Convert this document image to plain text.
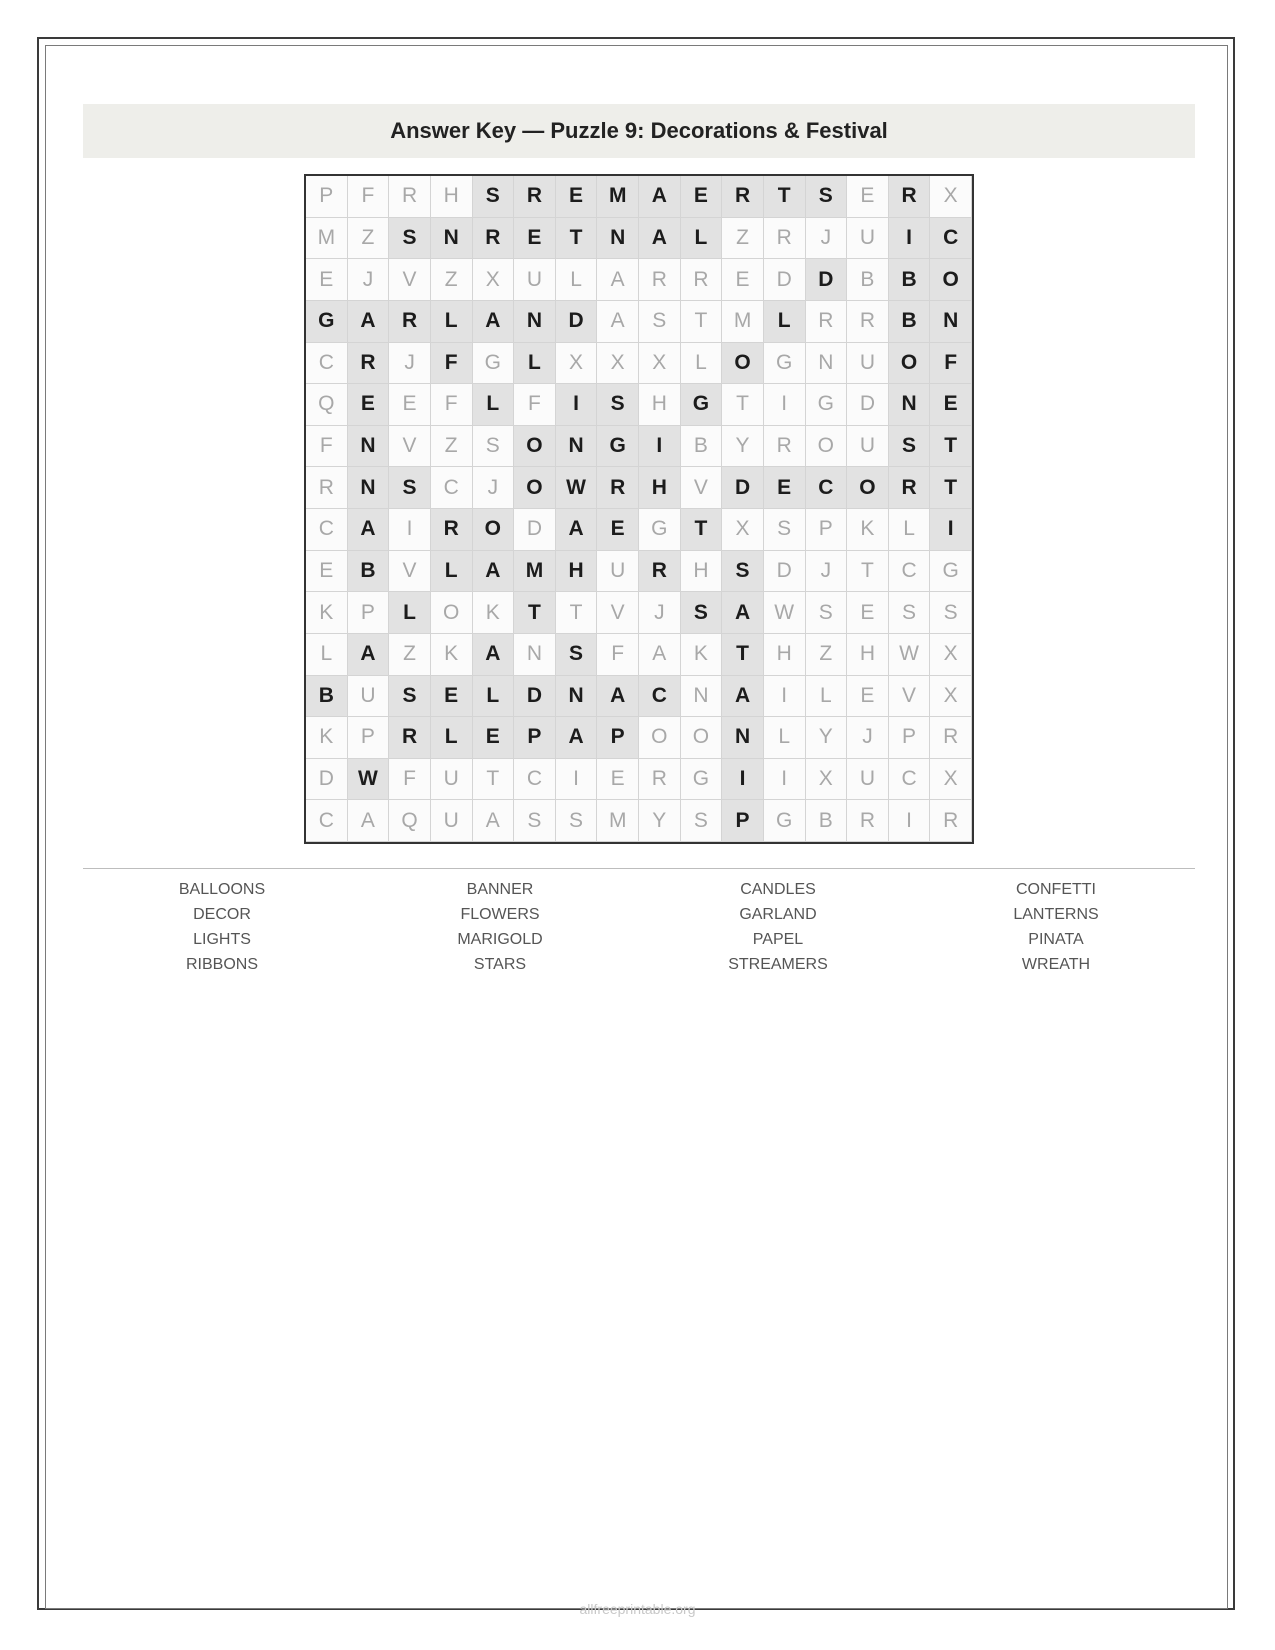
Answer Key — Puzzle 9: Decorations & Festival
P	F	R	H	S	R	E	M	A	E	R	T	S	E	R	X
M	Z	S	N	R	E	T	N	A	L	Z	R	J	U	I	C
E	J	V	Z	X	U	L	A	R	R	E	D	D	B	B	O
G	A	R	L	A	N	D	A	S	T	M	L	R	R	B	N
C	R	J	F	G	L	X	X	X	L	O	G	N	U	O	F
Q	E	E	F	L	F	I	S	H	G	T	I	G	D	N	E
F	N	V	Z	S	O	N	G	I	B	Y	R	O	U	S	T
R	N	S	C	J	O	W	R	H	V	D	E	C	O	R	T
C	A	I	R	O	D	A	E	G	T	X	S	P	K	L	I
E	B	V	L	A	M	H	U	R	H	S	D	J	T	C	G
K	P	L	O	K	T	T	V	J	S	A	W	S	E	S	S
L	A	Z	K	A	N	S	F	A	K	T	H	Z	H	W	X
B	U	S	E	L	D	N	A	C	N	A	I	L	E	V	X
K	P	R	L	E	P	A	P	O	O	N	L	Y	J	P	R
D	W	F	U	T	C	I	E	R	G	I	I	X	U	C	X
C	A	Q	U	A	S	S	M	Y	S	P	G	B	R	I	R
BALLOONS	BANNER	CANDLES	CONFETTI
DECOR	FLOWERS	GARLAND	LANTERNS
LIGHTS	MARIGOLD	PAPEL	PINATA
RIBBONS	STARS	STREAMERS	WREATH
allfreeprintable.org
